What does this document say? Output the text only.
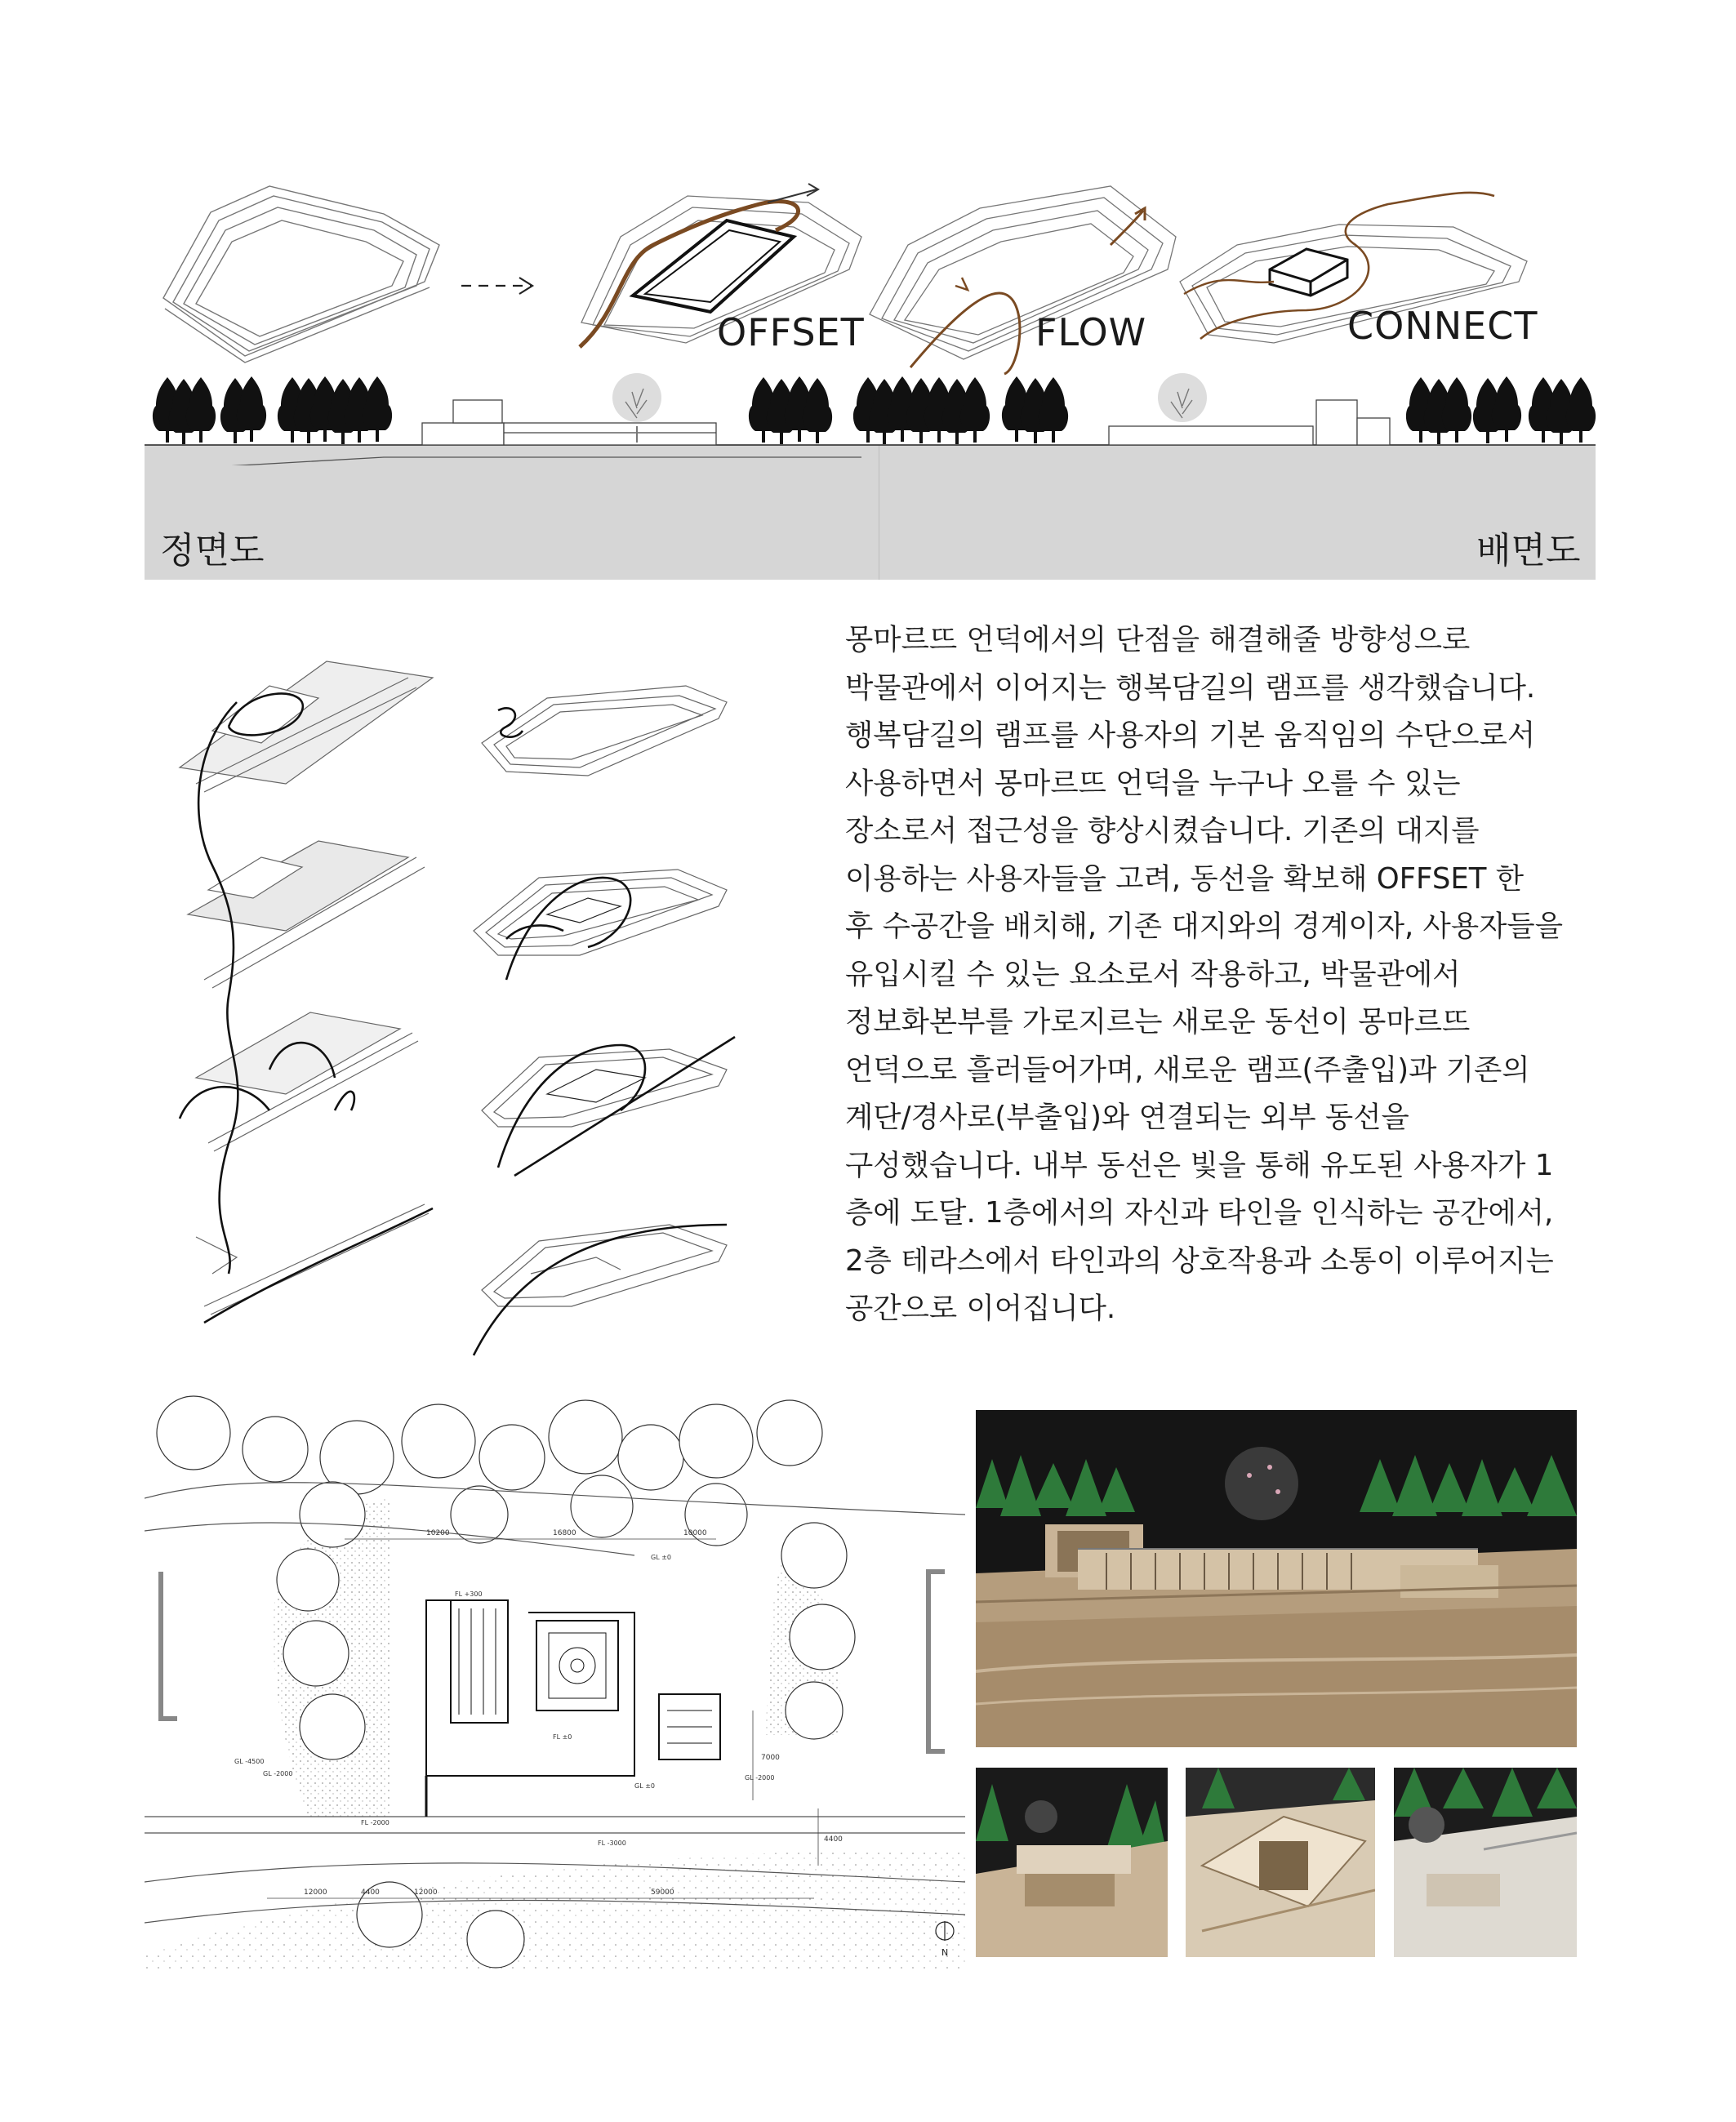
OFFSET	FLOW	CONNECT
정면도	배면도
몽마르뜨 언덕에서의 단점을 해결해줄 방향성으로
박물관에서 이어지는 행복담길의 램프를 생각했습니다.
행복담길의 램프를 사용자의 기본 움직임의 수단으로서
사용하면서 몽마르뜨 언덕을 누구나 오를 수 있는
장소로서 접근성을 향상시켰습니다. 기존의 대지를
이용하는 사용자들을 고려, 동선을 확보해 OFFSET 한
후 수공간을 배치해, 기존 대지와의 경계이자, 사용자들을
유입시킬 수 있는 요소로서 작용하고, 박물관에서
정보화본부를 가로지르는 새로운 동선이 몽마르뜨
언덕으로 흘러들어가며, 새로운 램프(주출입)과 기존의
계단/경사로(부출입)와 연결되는 외부 동선을
구성했습니다. 내부 동선은 빛을 통해 유도된 사용자가 1
층에 도달. 1층에서의 자신과 타인을 인식하는 공간에서,
2층 테라스에서 타인과의 상호작용과 소통이 이루어지는
공간으로 이어집니다.
10200	16800	10000
12000	4400	12000	59000
7000
4400
GL ±0
FL ±0
GL ±0
FL -2000
GL -2000
FL +300
GL -2000
FL -3000
GL -4500
N
